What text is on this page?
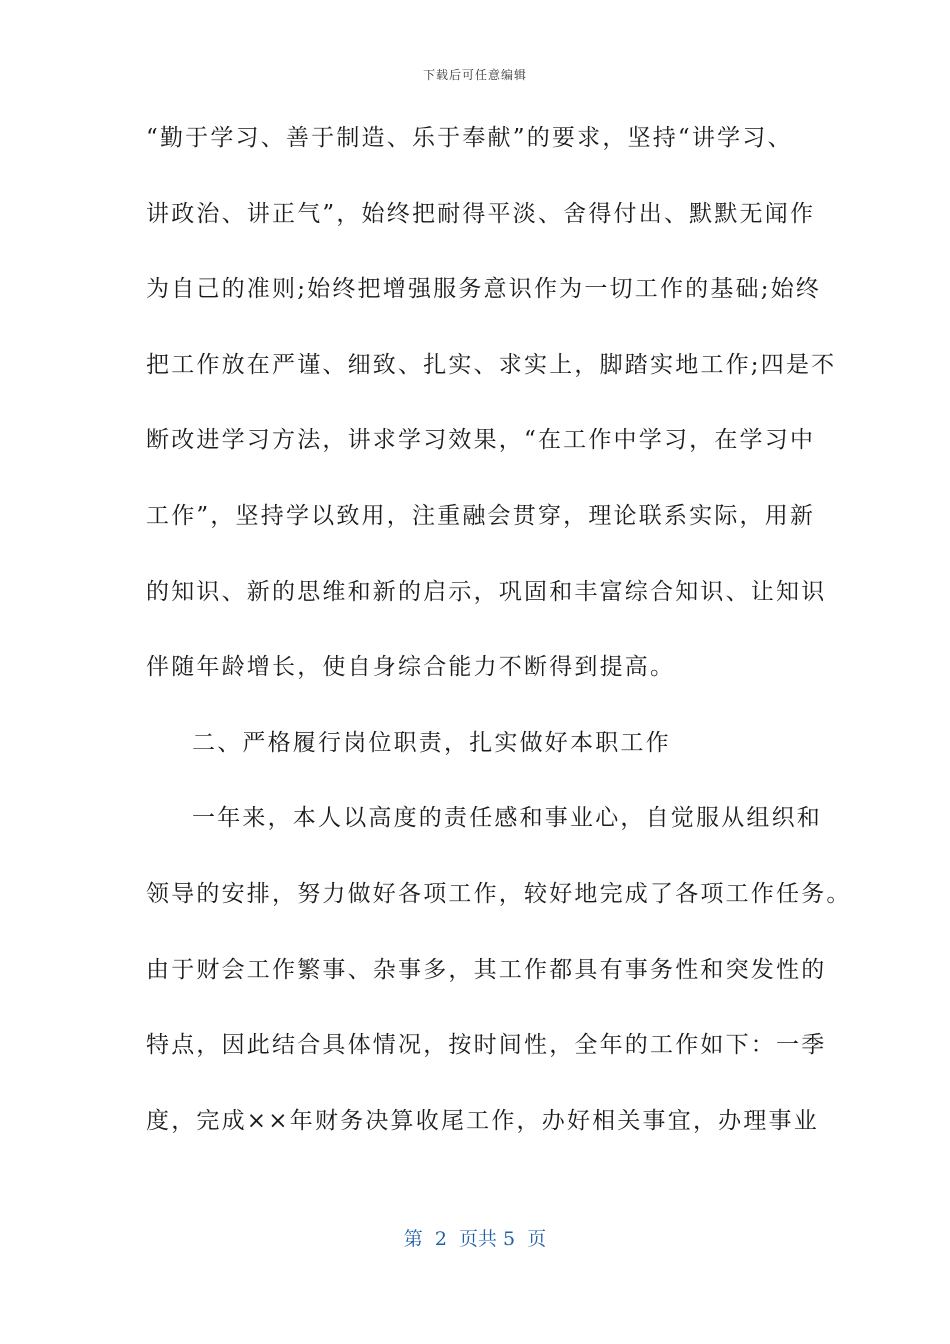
下载后可任意编辑
“勤于学习、善于制造、乐于奉献”的要求，坚持“讲学习、
讲政治、讲正气”，始终把耐得平淡、舍得付出、默默无闻作
为自己的准则;始终把增强服务意识作为一切工作的基础;始终
把工作放在严谨、细致、扎实、求实上，脚踏实地工作;四是不
断改进学习方法，讲求学习效果，“在工作中学习，在学习中
工作”，坚持学以致用，注重融会贯穿，理论联系实际，用新
的知识、新的思维和新的启示，巩固和丰富综合知识、让知识
伴随年龄增长，使自身综合能力不断得到提高。
二、严格履行岗位职责，扎实做好本职工作
一年来，本人以高度的责任感和事业心，自觉服从组织和
领导的安排，努力做好各项工作，较好地完成了各项工作任务。
由于财会工作繁事、杂事多，其工作都具有事务性和突发性的
特点，因此结合具体情况，按时间性，全年的工作如下：一季
度，完成××年财务决算收尾工作，办好相关事宜，办理事业
第  2  页共 5  页
